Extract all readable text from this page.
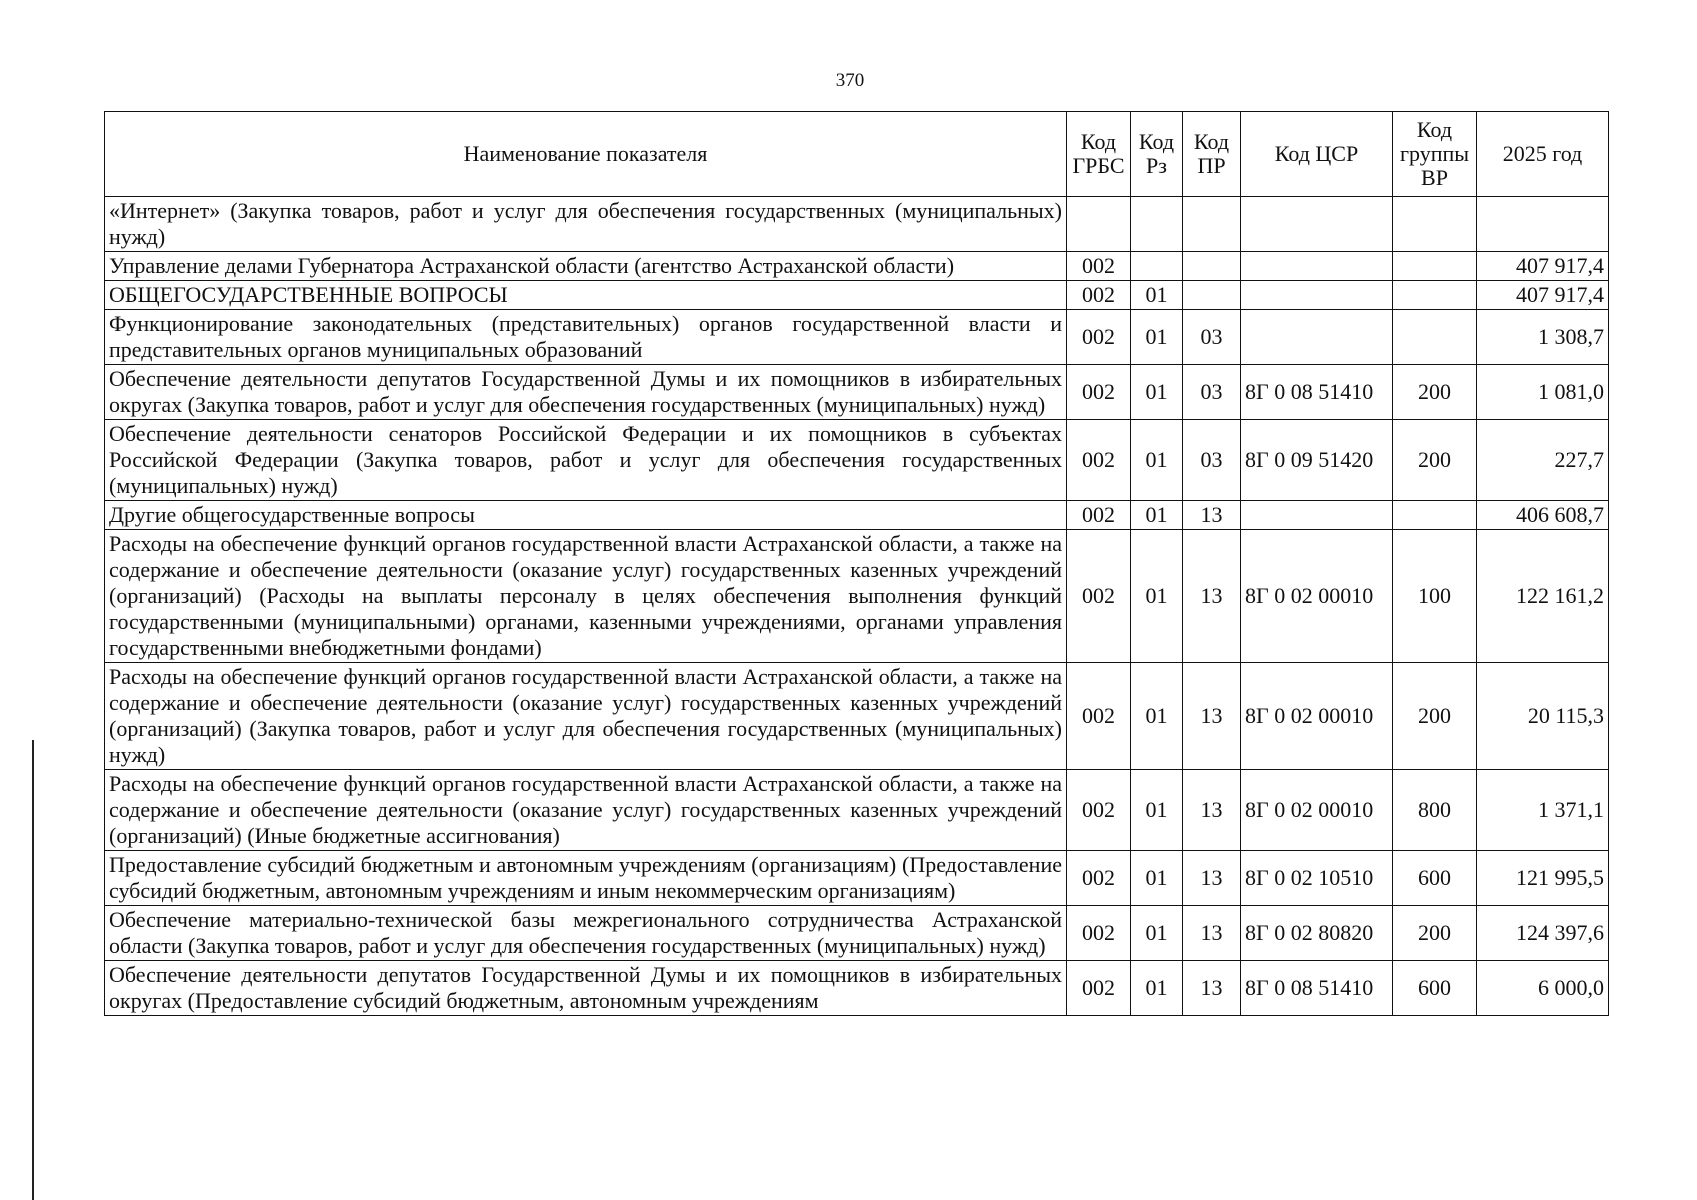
370
Наименование показателя	Код ГРБС	Код Рз	Код ПР	Код ЦСР	Код группы ВР	2025 год
«Интернет» (Закупка товаров, работ и услуг для обеспечения государственных (муниципальных) нужд)						
Управление делами Губернатора Астраханской области (агентство Астраханской области)	002					407 917,4
ОБЩЕГОСУДАРСТВЕННЫЕ ВОПРОСЫ	002	01				407 917,4
Функционирование законодательных (представительных) органов государственной власти и представительных органов муниципальных образований	002	01	03			1 308,7
Обеспечение деятельности депутатов Государственной Думы и их помощников в избирательных округах (Закупка товаров, работ и услуг для обеспечения государственных (муниципальных) нужд)	002	01	03	8Г 0 08 51410	200	1 081,0
Обеспечение деятельности сенаторов Российской Федерации и их помощников в субъектах Российской Федерации (Закупка товаров, работ и услуг для обеспечения государственных (муниципальных) нужд)	002	01	03	8Г 0 09 51420	200	227,7
Другие общегосударственные вопросы	002	01	13			406 608,7
Расходы на обеспечение функций органов государственной власти Астраханской области, а также на содержание и обеспечение деятельности (оказание услуг) государственных казенных учреждений (организаций) (Расходы на выплаты персоналу в целях обеспечения выполнения функций государственными (муниципальными) органами, казенными учреждениями, органами управления государственными внебюджетными фондами)	002	01	13	8Г 0 02 00010	100	122 161,2
Расходы на обеспечение функций органов государственной власти Астраханской области, а также на содержание и обеспечение деятельности (оказание услуг) государственных казенных учреждений (организаций) (Закупка товаров, работ и услуг для обеспечения государственных (муниципальных) нужд)	002	01	13	8Г 0 02 00010	200	20 115,3
Расходы на обеспечение функций органов государственной власти Астраханской области, а также на содержание и обеспечение деятельности (оказание услуг) государственных казенных учреждений (организаций) (Иные бюджетные ассигнования)	002	01	13	8Г 0 02 00010	800	1 371,1
Предоставление субсидий бюджетным и автономным учреждениям (организациям) (Предоставление субсидий бюджетным, автономным учреждениям и иным некоммерческим организациям)	002	01	13	8Г 0 02 10510	600	121 995,5
Обеспечение материально-технической базы межрегионального сотрудничества Астраханской области (Закупка товаров, работ и услуг для обеспечения государственных (муниципальных) нужд)	002	01	13	8Г 0 02 80820	200	124 397,6
Обеспечение деятельности депутатов Государственной Думы и их помощников в избирательных округах (Предоставление субсидий бюджетным, автономным учреждениям	002	01	13	8Г 0 08 51410	600	6 000,0
